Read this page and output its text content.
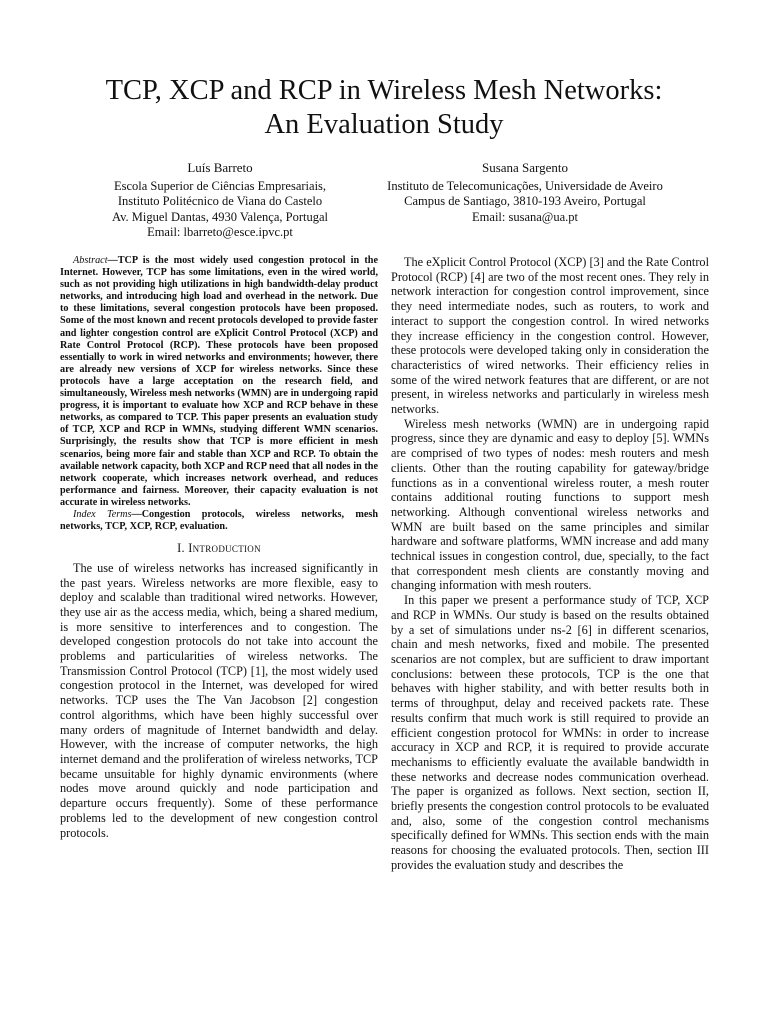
TCP, XCP and RCP in Wireless Mesh Networks:
An Evaluation Study
Luís Barreto
Escola Superior de Ciências Empresariais,
Instituto Politécnico de Viana do Castelo
Av. Miguel Dantas, 4930 Valença, Portugal
Email: lbarreto@esce.ipvc.pt
Susana Sargento
Instituto de Telecomunicações, Universidade de Aveiro
Campus de Santiago, 3810-193 Aveiro, Portugal
Email: susana@ua.pt

Abstract—TCP is the most widely used congestion protocol in the Internet. However, TCP has some limitations, even in the wired world, such as not providing high utilizations in high bandwidth-delay product networks, and introducing high load and overhead in the network. Due to these limitations, several congestion protocols have been proposed. Some of the most known and recent protocols developed to provide faster and lighter congestion control are eXplicit Control Protocol (XCP) and Rate Control Protocol (RCP). These protocols have been proposed essentially to work in wired networks and environments; however, there are already new versions of XCP for wireless networks. Since these protocols have a large acceptation on the research field, and simultaneously, Wireless mesh networks (WMN) are in undergoing rapid progress, it is important to evaluate how XCP and RCP behave in these networks, as compared to TCP. This paper presents an evaluation study of TCP, XCP and RCP in WMNs, studying different WMN scenarios. Surprisingly, the results show that TCP is more efficient in mesh scenarios, being more fair and stable than XCP and RCP. To obtain the available network capacity, both XCP and RCP need that all nodes in the network cooperate, which increases network overhead, and reduces performance and fairness. Moreover, their capacity evaluation is not accurate in wireless networks.

Index Terms—Congestion protocols, wireless networks, mesh networks, TCP, XCP, RCP, evaluation.

I. Introduction

The use of wireless networks has increased significantly in the past years. Wireless networks are more flexible, easy to deploy and scalable than traditional wired networks. However, they use air as the access media, which, being a shared medium, is more sensitive to interferences and to congestion. The developed congestion protocols do not take into account the problems and particularities of wireless networks. The Transmission Control Protocol (TCP) [1], the most widely used congestion protocol in the Internet, was developed for wired networks. TCP uses the The Van Jacobson [2] congestion control algorithms, which have been highly successful over many orders of magnitude of Internet bandwidth and delay. However, with the increase of computer networks, the high internet demand and the proliferation of wireless networks, TCP became unsuitable for highly dynamic environments (where nodes move around quickly and node participation and departure occurs frequently). Some of these performance problems led to the development of new congestion control protocols.

The eXplicit Control Protocol (XCP) [3] and the Rate Control Protocol (RCP) [4] are two of the most recent ones. They rely in network interaction for congestion control improvement, since they need intermediate nodes, such as routers, to work and interact to support the congestion control. In wired networks they increase efficiency in the congestion control. However, these protocols were developed taking only in consideration the characteristics of wired networks. Their efficiency relies in some of the wired network features that are different, or are not present, in wireless networks and particularly in wireless mesh networks.

Wireless mesh networks (WMN) are in undergoing rapid progress, since they are dynamic and easy to deploy [5]. WMNs are comprised of two types of nodes: mesh routers and mesh clients. Other than the routing capability for gateway/bridge functions as in a conventional wireless router, a mesh router contains additional routing functions to support mesh networking. Although conventional wireless networks and WMN are built based on the same principles and similar hardware and software platforms, WMN increase and add many technical issues in congestion control, due, specially, to the fact that correspondent mesh clients are constantly moving and changing information with mesh routers.

In this paper we present a performance study of TCP, XCP and RCP in WMNs. Our study is based on the results obtained by a set of simulations under ns-2 [6] in different scenarios, chain and mesh networks, fixed and mobile. The presented scenarios are not complex, but are sufficient to draw important conclusions: between these protocols, TCP is the one that behaves with higher stability, and with better results both in terms of throughput, delay and received packets rate. These results confirm that much work is still required to provide an efficient congestion protocol for WMNs: in order to increase accuracy in XCP and RCP, it is required to provide accurate mechanisms to efficiently evaluate the available bandwidth in these networks and decrease nodes communication overhead. The paper is organized as follows. Next section, section II, briefly presents the congestion control protocols to be evaluated and, also, some of the congestion control mechanisms specifically defined for WMNs. This section ends with the main reasons for choosing the evaluated protocols. Then, section III provides the evaluation study and describes the
